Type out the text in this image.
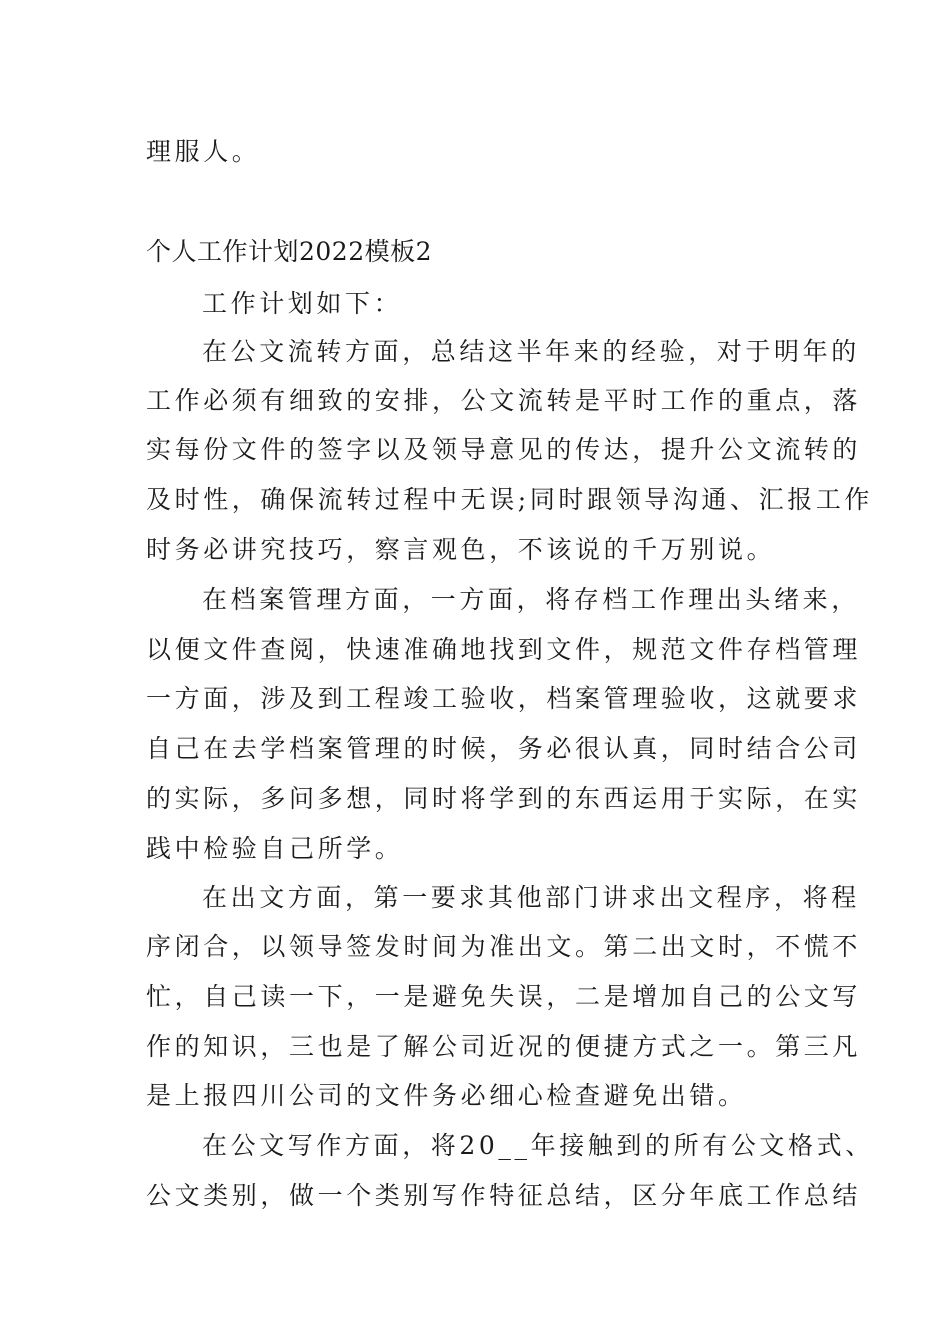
理服人。
个人工作计划2022模板2
工作计划如下：
在公文流转方面，总结这半年来的经验，对于明年的
工作必须有细致的安排，公文流转是平时工作的重点，落
实每份文件的签字以及领导意见的传达，提升公文流转的
及时性，确保流转过程中无误;同时跟领导沟通、汇报工作
时务必讲究技巧，察言观色，不该说的千万别说。
在档案管理方面，一方面，将存档工作理出头绪来，
以便文件查阅，快速准确地找到文件，规范文件存档管理
一方面，涉及到工程竣工验收，档案管理验收，这就要求
自己在去学档案管理的时候，务必很认真，同时结合公司
的实际，多问多想，同时将学到的东西运用于实际，在实
践中检验自己所学。
在出文方面，第一要求其他部门讲求出文程序，将程
序闭合，以领导签发时间为准出文。第二出文时，不慌不
忙，自己读一下，一是避免失误，二是增加自己的公文写
作的知识，三也是了解公司近况的便捷方式之一。第三凡
是上报四川公司的文件务必细心检查避免出错。
在公文写作方面，将20__年接触到的所有公文格式、
公文类别，做一个类别写作特征总结，区分年底工作总结
